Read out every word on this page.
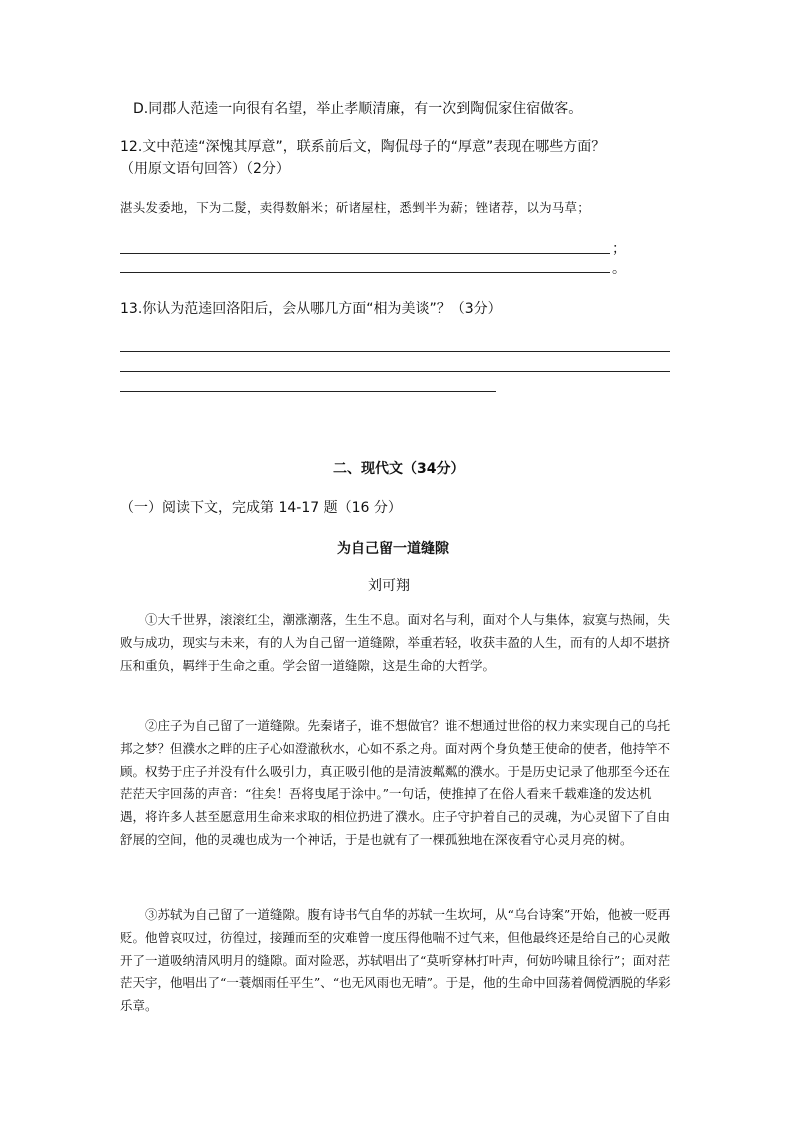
D.同郡人范逵一向很有名望，举止孝顺清廉，有一次到陶侃家住宿做客。
12.文中范逵“深愧其厚意”，联系前后文，陶侃母子的“厚意”表现在哪些方面？
（用原文语句回答）（2分）
湛头发委地，下为二髲，卖得数斛米；斫诸屋柱，悉剉半为薪；锉诸荐，以为马草；
；
。
13.你认为范逵回洛阳后，会从哪几方面“相为美谈”？（3分）
二、现代文（34分）
（一）阅读下文，完成第 14-17 题（16 分）
为自己留一道缝隙
刘可翔
①大千世界，滚滚红尘，潮涨潮落，生生不息。面对名与利，面对个人与集体，寂寞与热闹，失败与成功，现实与未来，有的人为自己留一道缝隙，举重若轻，收获丰盈的人生，而有的人却不堪挤压和重负，羁绊于生命之重。学会留一道缝隙，这是生命的大哲学。
②庄子为自己留了一道缝隙。先秦诸子，谁不想做官？谁不想通过世俗的权力来实现自己的乌托邦之梦？但濮水之畔的庄子心如澄澈秋水，心如不系之舟。面对两个身负楚王使命的使者，他持竿不顾。权势于庄子并没有什么吸引力，真正吸引他的是清波粼粼的濮水。于是历史记录了他那至今还在茫茫天宇回荡的声音：“往矣！吾将曳尾于涂中。”一句话，使推掉了在俗人看来千载难逢的发达机遇，将许多人甚至愿意用生命来求取的相位扔进了濮水。庄子守护着自己的灵魂，为心灵留下了自由舒展的空间，他的灵魂也成为一个神话，于是也就有了一棵孤独地在深夜看守心灵月亮的树。
③苏轼为自己留了一道缝隙。腹有诗书气自华的苏轼一生坎坷，从“乌台诗案”开始，他被一贬再贬。他曾哀叹过，彷徨过，接踵而至的灾难曾一度压得他喘不过气来，但他最终还是给自己的心灵敞开了一道吸纳清风明月的缝隙。面对险恶，苏轼唱出了“莫听穿林打叶声，何妨吟啸且徐行”；面对茫茫天宇，他唱出了“一蓑烟雨任平生”、“也无风雨也无晴”。于是，他的生命中回荡着倜傥洒脱的华彩乐章。
